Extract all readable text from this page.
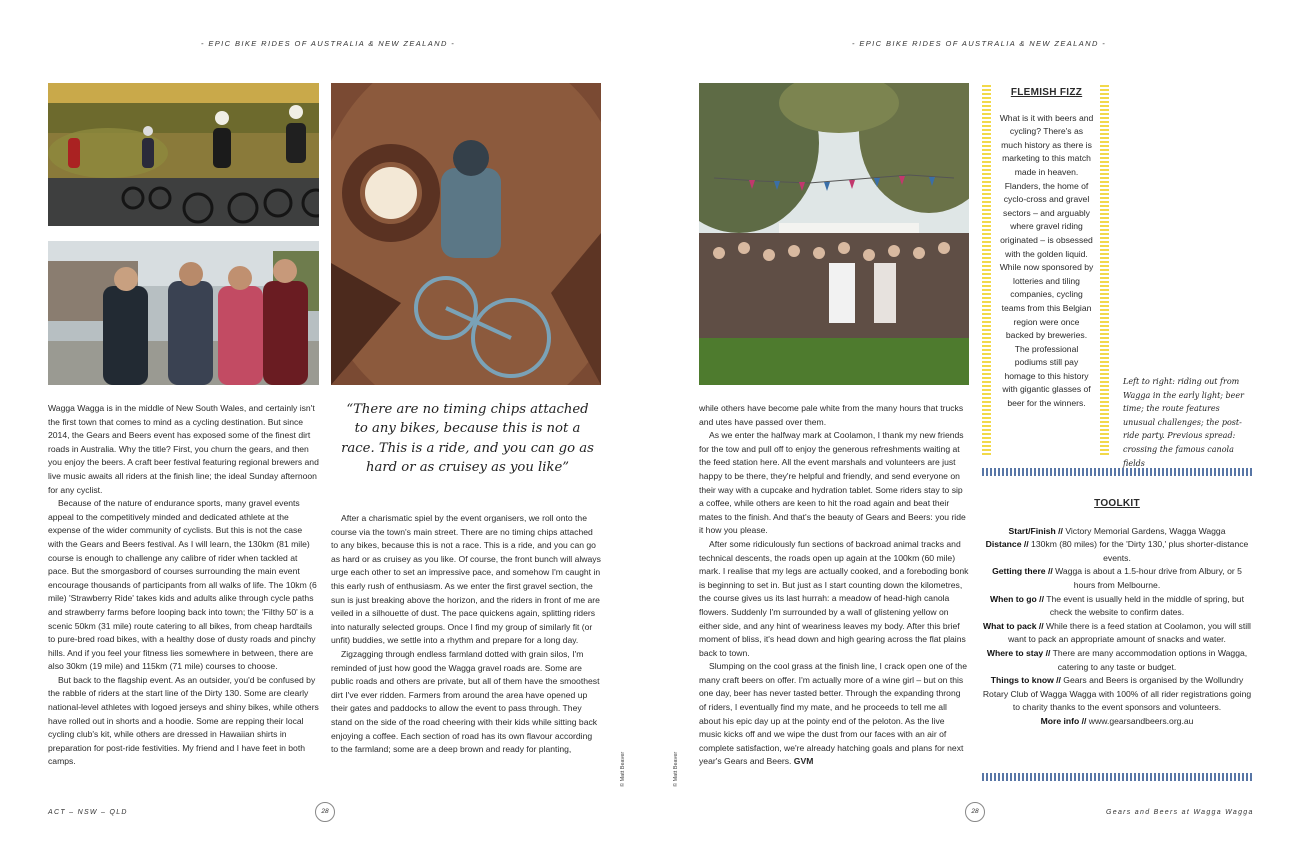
- EPIC BIKE RIDES OF AUSTRALIA & NEW ZEALAND -	- EPIC BIKE RIDES OF AUSTRALIA & NEW ZEALAND -

Wagga Wagga is in the middle of New South Wales, and certainly isn't the first town that comes to mind as a cycling destination. But since 2014, the Gears and Beers event has exposed some of the finest dirt roads in Australia. Why the title? First, you churn the gears, and then you enjoy the beers. A craft beer festival featuring regional brewers and live music awaits all riders at the finish line; the ideal Sunday afternoon for any cyclist.

Because of the nature of endurance sports, many gravel events appeal to the competitively minded and dedicated athlete at the expense of the wider community of cyclists. But this is not the case with the Gears and Beers festival. As I will learn, the 130km (81 mile) course is enough to challenge any calibre of rider when tackled at pace. But the smorgasbord of courses surrounding the main event encourage thousands of participants from all walks of life. The 10km (6 mile) 'Strawberry Ride' takes kids and adults alike through cycle paths and strawberry farms before looping back into town; the 'Filthy 50' is a scenic 50km (31 mile) route catering to all bikes, from cheap hardtails to pure-bred road bikes, with a healthy dose of dusty roads and pinchy hills. And if you feel your fitness lies somewhere in between, there are also 30km (19 mile) and 115km (71 mile) courses to choose.

But back to the flagship event. As an outsider, you'd be confused by the rabble of riders at the start line of the Dirty 130. Some are clearly national-level athletes with logoed jerseys and shiny bikes, while others have rolled out in shorts and a hoodie. Some are repping their local cycling club's kit, while others are dressed in Hawaiian shirts in preparation for post-ride festivities. My friend and I have feet in both camps.

“There are no timing chips attached to any bikes, because this is not a race. This is a ride, and you can go as hard or as cruisey as you like”

After a charismatic spiel by the event organisers, we roll onto the course via the town's main street. There are no timing chips attached to any bikes, because this is not a race. This is a ride, and you can go as hard or as cruisey as you like. Of course, the front bunch will always urge each other to set an impressive pace, and somehow I'm caught in this early rush of enthusiasm. As we enter the first gravel section, the sun is just breaking above the horizon, and the riders in front of me are veiled in a silhouette of dust. The pace quickens again, splitting riders into naturally selected groups. Once I find my group of similarly fit (or unfit) buddies, we settle into a rhythm and prepare for a long day.

Zigzagging through endless farmland dotted with grain silos, I'm reminded of just how good the Wagga gravel roads are. Some are public roads and others are private, but all of them have the smoothest dirt I've ever ridden. Farmers from around the area have opened up their gates and paddocks to allow the event to pass through. They stand on the side of the road cheering with their kids while sitting back enjoying a coffee. Each section of road has its own flavour according to the farmland; some are a deep brown and ready for planting,

© Matt Beaver	© Matt Beaver

while others have become pale white from the many hours that trucks and utes have passed over them.

As we enter the halfway mark at Coolamon, I thank my new friends for the tow and pull off to enjoy the generous refreshments waiting at the feed station here. All the event marshals and volunteers are just happy to be there, they're helpful and friendly, and send everyone on their way with a cupcake and hydration tablet. Some riders stay to sip a coffee, while others are keen to hit the road again and beat their mates to the finish. And that's the beauty of Gears and Beers: you ride it how you please.

After some ridiculously fun sections of backroad animal tracks and technical descents, the roads open up again at the 100km (60 mile) mark. I realise that my legs are actually cooked, and a foreboding bonk is beginning to set in. But just as I start counting down the kilometres, the course gives us its last hurrah: a meadow of head-high canola flowers. Suddenly I'm surrounded by a wall of glistening yellow on either side, and any hint of weariness leaves my body. After this brief moment of bliss, it's head down and high gearing across the flat plains back to town.

Slumping on the cool grass at the finish line, I crack open one of the many craft beers on offer. I'm actually more of a wine girl – but on this one day, beer has never tasted better. Through the expanding throng of riders, I eventually find my mate, and he proceeds to tell me all about his epic day up at the pointy end of the peloton. As the live music kicks off and we wipe the dust from our faces with an air of complete satisfaction, we're already hatching goals and plans for next year's Gears and Beers. GVM

FLEMISH FIZZ
What is it with beers and cycling? There's as much history as there is marketing to this match made in heaven. Flanders, the home of cyclo-cross and gravel sectors – and arguably where gravel riding originated – is obsessed with the golden liquid. While now sponsored by lotteries and tiling companies, cycling teams from this Belgian region were once backed by breweries. The professional podiums still pay homage to this history with gigantic glasses of beer for the winners.
Left to right: riding out from Wagga in the early light; beer time; the route features unusual challenges; the post-ride party. Previous spread: crossing the famous canola fields
TOOLKIT
Start/Finish // Victory Memorial Gardens, Wagga Wagga
Distance // 130km (80 miles) for the 'Dirty 130,' plus shorter-distance events.
Getting there // Wagga is about a 1.5-hour drive from Albury, or 5 hours from Melbourne.
When to go // The event is usually held in the middle of spring, but check the website to confirm dates.
What to pack // While there is a feed station at Coolamon, you will still want to pack an appropriate amount of snacks and water.
Where to stay // There are many accommodation options in Wagga, catering to any taste or budget.
Things to know // Gears and Beers is organised by the Wollundry Rotary Club of Wagga Wagga with 100% of all rider registrations going to charity thanks to the event sponsors and volunteers.
More info // www.gearsandbeers.org.au
ACT – NSW – QLD	28	28	Gears and Beers at Wagga Wagga
